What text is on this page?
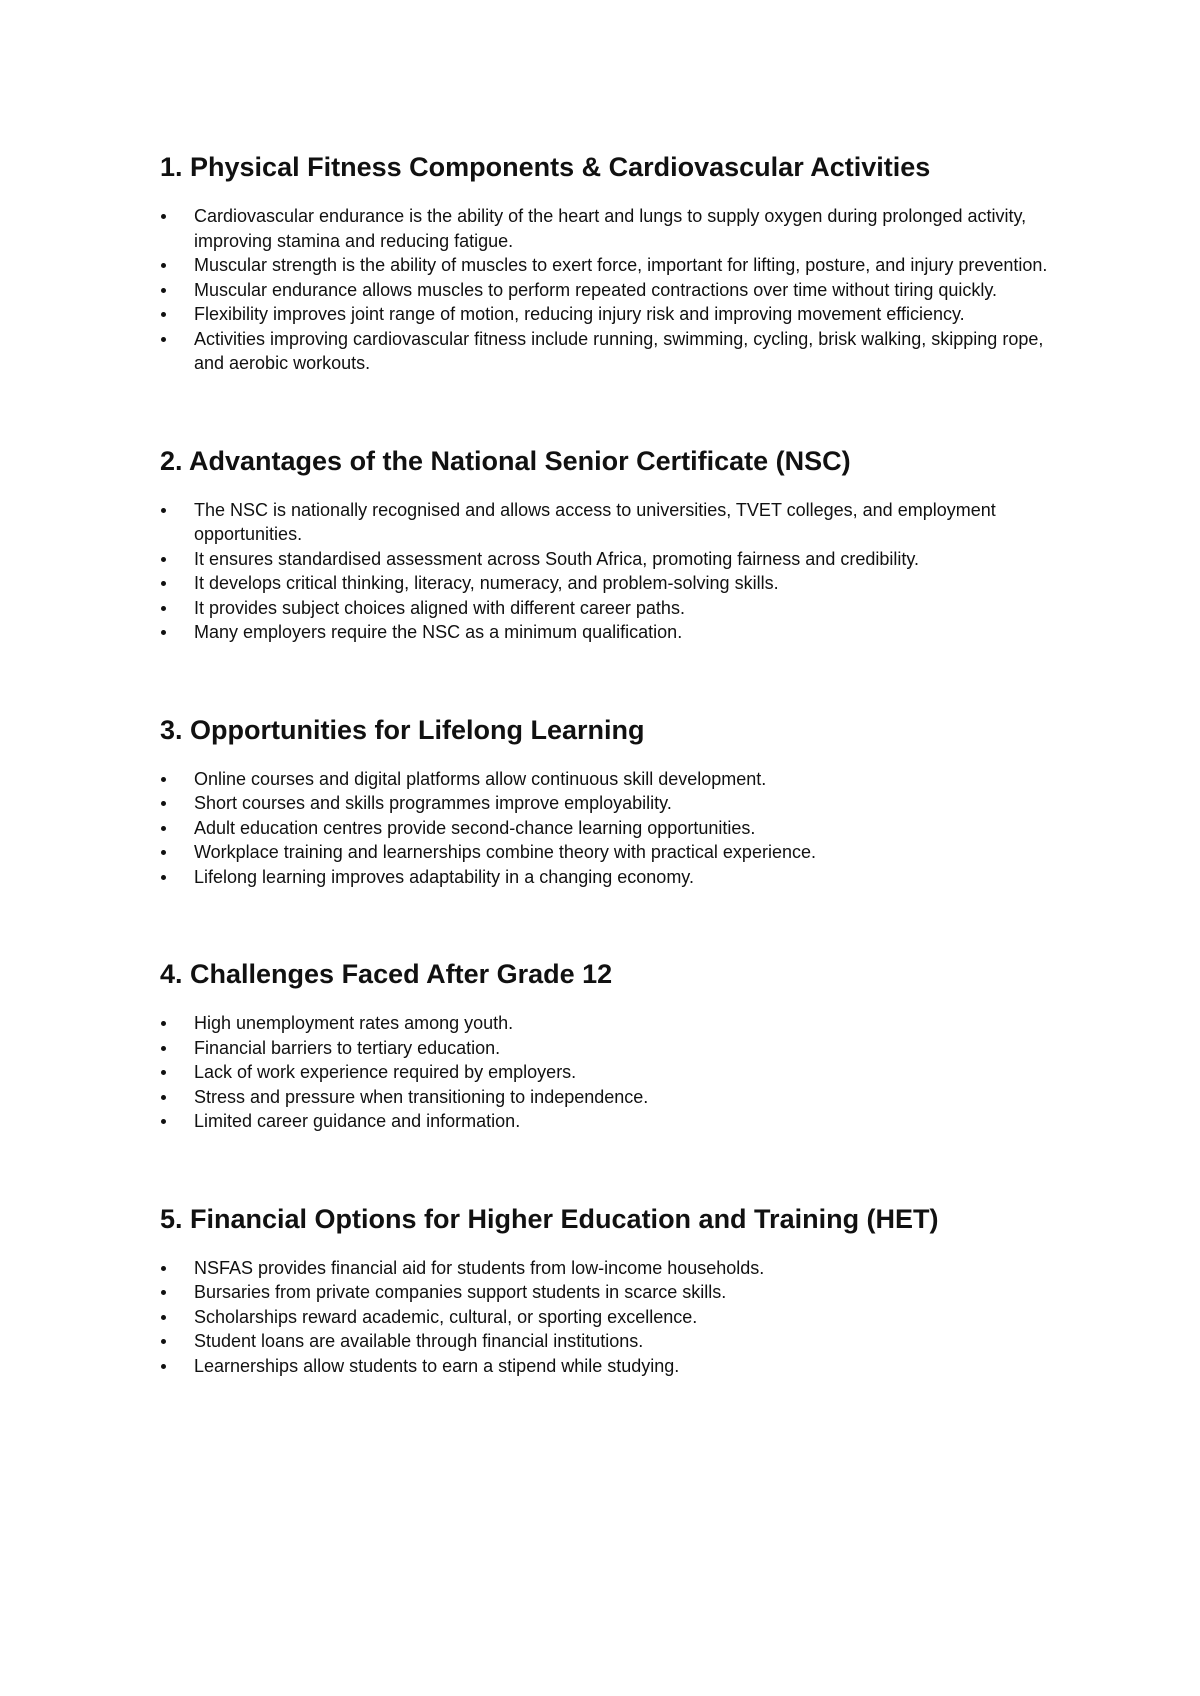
1. Physical Fitness Components & Cardiovascular Activities
Cardiovascular endurance is the ability of the heart and lungs to supply oxygen during prolonged activity, improving stamina and reducing fatigue.
Muscular strength is the ability of muscles to exert force, important for lifting, posture, and injury prevention.
Muscular endurance allows muscles to perform repeated contractions over time without tiring quickly.
Flexibility improves joint range of motion, reducing injury risk and improving movement efficiency.
Activities improving cardiovascular fitness include running, swimming, cycling, brisk walking, skipping rope, and aerobic workouts.
2. Advantages of the National Senior Certificate (NSC)
The NSC is nationally recognised and allows access to universities, TVET colleges, and employment opportunities.
It ensures standardised assessment across South Africa, promoting fairness and credibility.
It develops critical thinking, literacy, numeracy, and problem-solving skills.
It provides subject choices aligned with different career paths.
Many employers require the NSC as a minimum qualification.
3. Opportunities for Lifelong Learning
Online courses and digital platforms allow continuous skill development.
Short courses and skills programmes improve employability.
Adult education centres provide second-chance learning opportunities.
Workplace training and learnerships combine theory with practical experience.
Lifelong learning improves adaptability in a changing economy.
4. Challenges Faced After Grade 12
High unemployment rates among youth.
Financial barriers to tertiary education.
Lack of work experience required by employers.
Stress and pressure when transitioning to independence.
Limited career guidance and information.
5. Financial Options for Higher Education and Training (HET)
NSFAS provides financial aid for students from low-income households.
Bursaries from private companies support students in scarce skills.
Scholarships reward academic, cultural, or sporting excellence.
Student loans are available through financial institutions.
Learnerships allow students to earn a stipend while studying.
